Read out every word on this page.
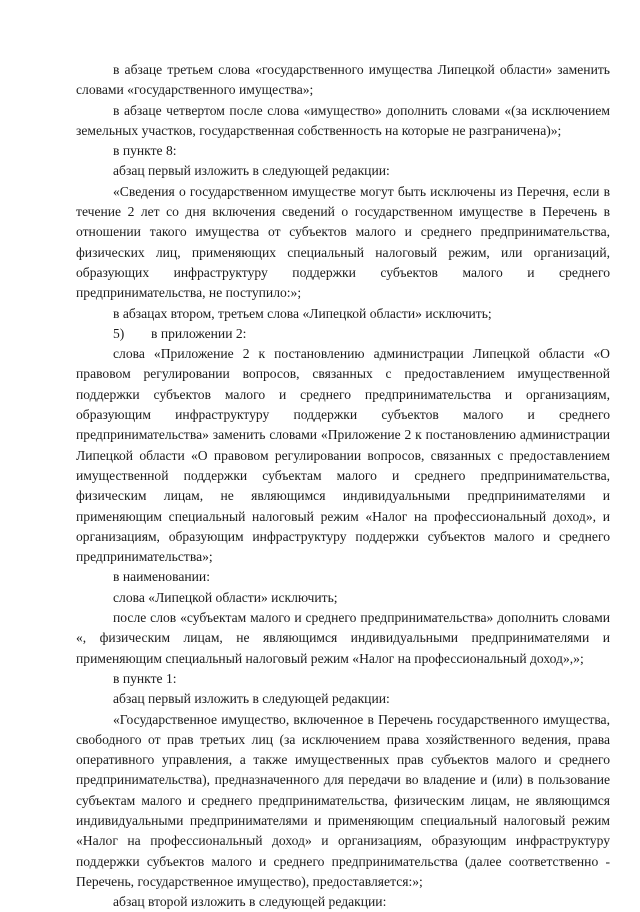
в абзаце третьем слова «государственного имущества Липецкой области» заменить словами «государственного имущества»;

в абзаце четвертом после слова «имущество» дополнить словами «(за исключением земельных участков, государственная собственность на которые не разграничена)»;

в пункте 8:

абзац первый изложить в следующей редакции:

«Сведения о государственном имуществе могут быть исключены из Перечня, если в течение 2 лет со дня включения сведений о государственном имуществе в Перечень в отношении такого имущества от субъектов малого и среднего предпринимательства, физических лиц, применяющих специальный налоговый режим, или организаций, образующих инфраструктуру поддержки субъектов малого и среднего предпринимательства, не поступило:»;

в абзацах втором, третьем слова «Липецкой области» исключить;

5) в приложении 2:

слова «Приложение 2 к постановлению администрации Липецкой области «О правовом регулировании вопросов, связанных с предоставлением имущественной поддержки субъектов малого и среднего предпринимательства и организациям, образующим инфраструктуру поддержки субъектов малого и среднего предпринимательства» заменить словами «Приложение 2 к постановлению администрации Липецкой области «О правовом регулировании вопросов, связанных с предоставлением имущественной поддержки субъектам малого и среднего предпринимательства, физическим лицам, не являющимся индивидуальными предпринимателями и применяющим специальный налоговый режим «Налог на профессиональный доход», и организациям, образующим инфраструктуру поддержки субъектов малого и среднего предпринимательства»;

в наименовании:

слова «Липецкой области» исключить;

после слов «субъектам малого и среднего предпринимательства» дополнить словами «, физическим лицам, не являющимся индивидуальными предпринимателями и применяющим специальный налоговый режим «Налог на профессиональный доход»,»;

в пункте 1:

абзац первый изложить в следующей редакции:

«Государственное имущество, включенное в Перечень государственного имущества, свободного от прав третьих лиц (за исключением права хозяйственного ведения, права оперативного управления, а также имущественных прав субъектов малого и среднего предпринимательства), предназначенного для передачи во владение и (или) в пользование субъектам малого и среднего предпринимательства, физическим лицам, не являющимся индивидуальными предпринимателями и применяющим специальный налоговый режим «Налог на профессиональный доход» и организациям, образующим инфраструктуру поддержки субъектов малого и среднего предпринимательства (далее соответственно - Перечень, государственное имущество), предоставляется:»;

абзац второй изложить в следующей редакции:
